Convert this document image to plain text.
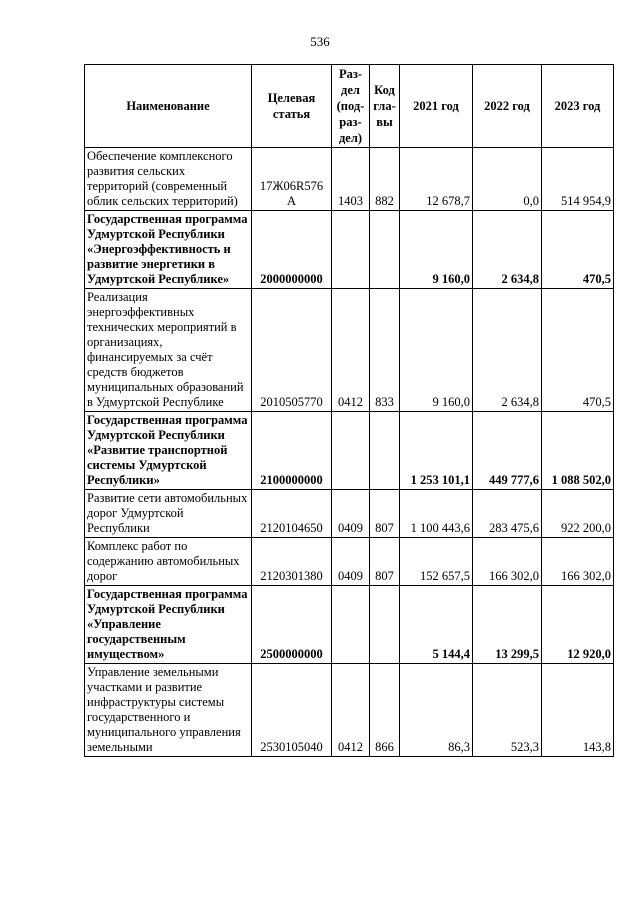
536
Наименование	Целевая статья	Раз-дел (под-раз-дел)	Код гла-вы	2021 год	2022 год	2023 год
Обеспечение комплексного развития сельских территорий (современный облик сельских территорий)	17Ж06R576 А	1403	882	12 678,7	0,0	514 954,9
Государственная программа Удмуртской Республики «Энергоэффективность и развитие энергетики в Удмуртской Республике»	2000000000			9 160,0	2 634,8	470,5
Реализация энергоэффективных технических мероприятий в организациях, финансируемых за счёт средств бюджетов муниципальных образований в Удмуртской Республике	2010505770	0412	833	9 160,0	2 634,8	470,5
Государственная программа Удмуртской Республики «Развитие транспортной системы Удмуртской Республики»	2100000000			1 253 101,1	449 777,6	1 088 502,0
Развитие сети автомобильных дорог Удмуртской Республики	2120104650	0409	807	1 100 443,6	283 475,6	922 200,0
Комплекс работ по содержанию автомобильных дорог	2120301380	0409	807	152 657,5	166 302,0	166 302,0
Государственная программа Удмуртской Республики «Управление государственным имуществом»	2500000000			5 144,4	13 299,5	12 920,0
Управление земельными участками и развитие инфраструктуры системы государственного и муниципального управления земельными	2530105040	0412	866	86,3	523,3	143,8
